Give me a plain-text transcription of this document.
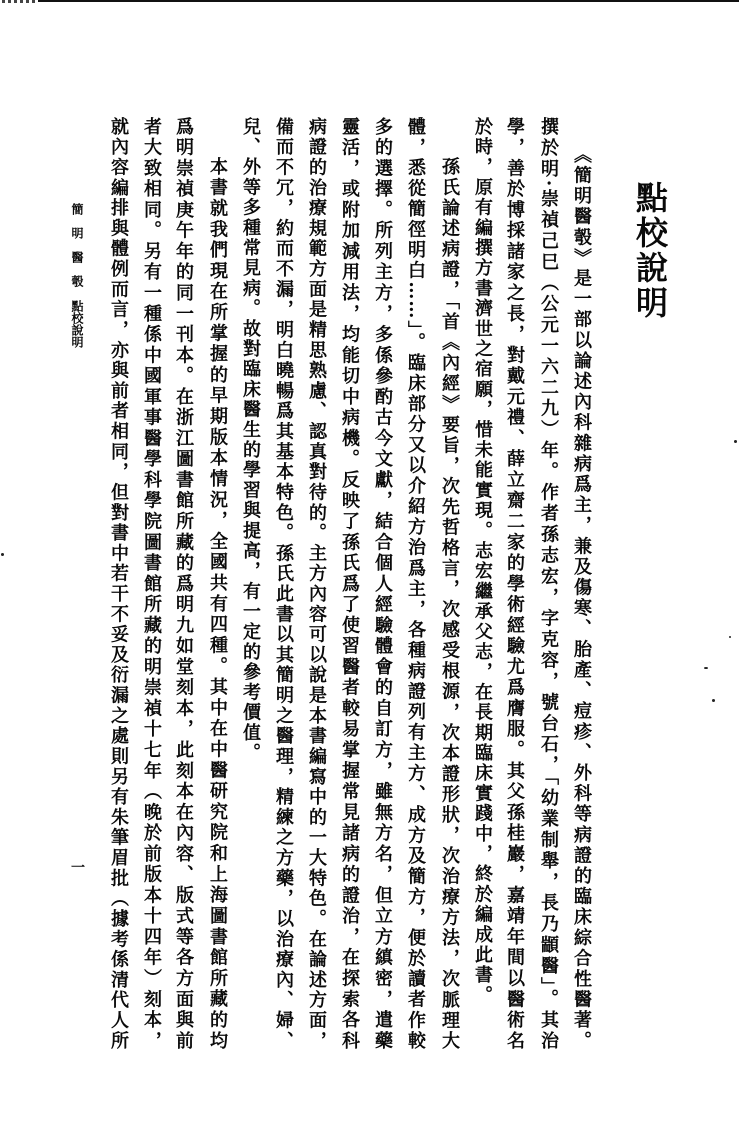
點校說明
《簡明醫彀》是一部以論述內科雜病爲主，兼及傷寒、胎產、痘疹、外科等病證的臨床綜合性醫著。
撰於明·崇禎己巳（公元一六二九）年。作者孫志宏，字克容，號台石，「幼業制舉，長乃顓醫」。其治
學，善於博採諸家之長，對戴元禮、薛立齋二家的學術經驗尤爲膺服。其父孫桂巖，嘉靖年間以醫術名
於時，原有編撰方書濟世之宿願，惜未能實現。志宏繼承父志，在長期臨床實踐中，終於編成此書。
孫氏論述病證，「首《內經》要旨，次先哲格言，次感受根源，次本證形狀，次治療方法，次脈理大
體，悉從簡徑明白……」。臨床部分又以介紹方治爲主，各種病證列有主方、成方及簡方，便於讀者作較
多的選擇。所列主方，多係參酌古今文獻，結合個人經驗體會的自訂方，雖無方名，但立方縝密，遣藥
靈活，或附加減用法，均能切中病機。反映了孫氏爲了使習醫者較易掌握常見諸病的證治，在探索各科
病證的治療規範方面是精思熟慮、認真對待的。主方內容可以說是本書編寫中的一大特色。在論述方面，
備而不冗，約而不漏，明白曉暢爲其基本特色。孫氏此書以其簡明之醫理，精練之方藥，以治療內、婦、
兒、外等多種常見病。故對臨床醫生的學習與提高，有一定的參考價值。
本書就我們現在所掌握的早期版本情況，全國共有四種。其中在中醫研究院和上海圖書館所藏的均
爲明崇禎庚午年的同一刊本。在浙江圖書館所藏的爲明九如堂刻本，此刻本在內容、版式等各方面與前
者大致相同。另有一種係中國軍事醫學科學院圖書館所藏的明崇禎十七年（晚於前版本十四年）刻本，
就內容編排與體例而言，亦與前者相同，但對書中若干不妥及衍漏之處則另有朱筆眉批（據考係清代人所
簡明醫彀
點校說明
一
